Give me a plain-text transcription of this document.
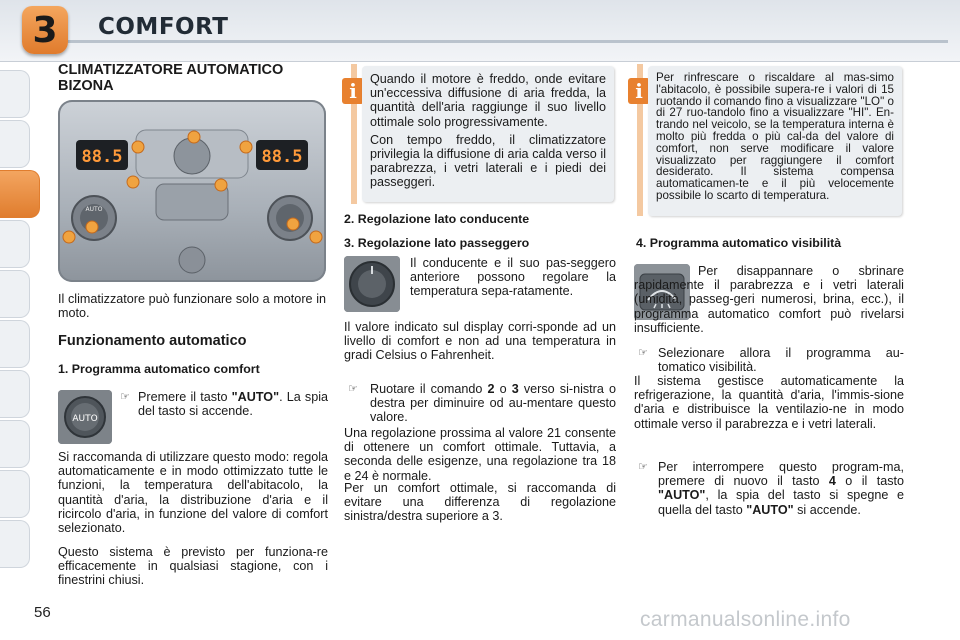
3 COMFORT
CLIMATIZZATORE AUTOMATICO BIZONA
88.5	88.5
AUTO
Il climatizzatore può funzionare solo a motore in moto.
Funzionamento automatico
1. Programma automatico comfort
AUTO
☞ Premere il tasto "AUTO". La spia del tasto si accende.
Si raccomanda di utilizzare questo modo: regola automaticamente e in modo ottimizzato tutte le funzioni, la temperatura dell'abitacolo, la quantità d'aria, la distribuzione d'aria e il ricircolo d'aria, in funzione del valore di comfort selezionato.
Questo sistema è previsto per funziona-re efficacemente in qualsiasi stagione, con i finestrini chiusi.
i Quando il motore è freddo, onde evitare un'eccessiva diffusione di aria fredda, la quantità dell'aria raggiunge il suo livello ottimale solo progressivamente.

Con tempo freddo, il climatizzatore privilegia la diffusione di aria calda verso il parabrezza, i vetri laterali e i piedi dei passeggeri.

2. Regolazione lato conducente
3. Regolazione lato passeggero
Il conducente e il suo pas-seggero anteriore possono regolare la temperatura sepa-ratamente.
Il valore indicato sul display corri-sponde ad un livello di comfort e non ad una temperatura in gradi Celsius o Fahrenheit.
☞ Ruotare il comando 2 o 3 verso si-nistra o destra per diminuire od au-mentare questo valore.
Una regolazione prossima al valore 21 consente di ottenere un comfort ottimale. Tuttavia, a seconda delle esigenze, una regolazione tra 18 e 24 è normale.
Per un comfort ottimale, si raccomanda di evitare una differenza di regolazione sinistra/destra superiore a 3.
i
Per rinfrescare o riscaldare al mas-simo l'abitacolo, è possibile supera-re i valori di 15 ruotando il comando fino a visualizzare "LO" o di 27 ruo-tandolo fino a visualizzare "HI". En-trando nel veicolo, se la temperatura interna è molto più fredda o più cal-da del valore di comfort, non serve modificare il valore visualizzato per raggiungere il comfort desiderato. Il sistema compensa automaticamen-te e il più velocemente possibile lo scarto di temperatura.
4. Programma automatico visibilità
Per disappannare o sbrinare rapidamente il parabrezza e i vetri laterali (umidità, passeg-geri numerosi, brina, ecc.), il programma automatico comfort può rivelarsi insufficiente.
☞ Selezionare allora il programma au-tomatico visibilità.
Il sistema gestisce automaticamente la refrigerazione, la quantità d'aria, l'immis-sione d'aria e distribuisce la ventilazio-ne in modo ottimale verso il parabrezza e i vetri laterali.
☞ Per interrompere questo program-ma, premere di nuovo il tasto 4 o il tasto "AUTO", la spia del tasto si spegne e quella del tasto "AUTO" si accende.
56	carmanualsonline.info
